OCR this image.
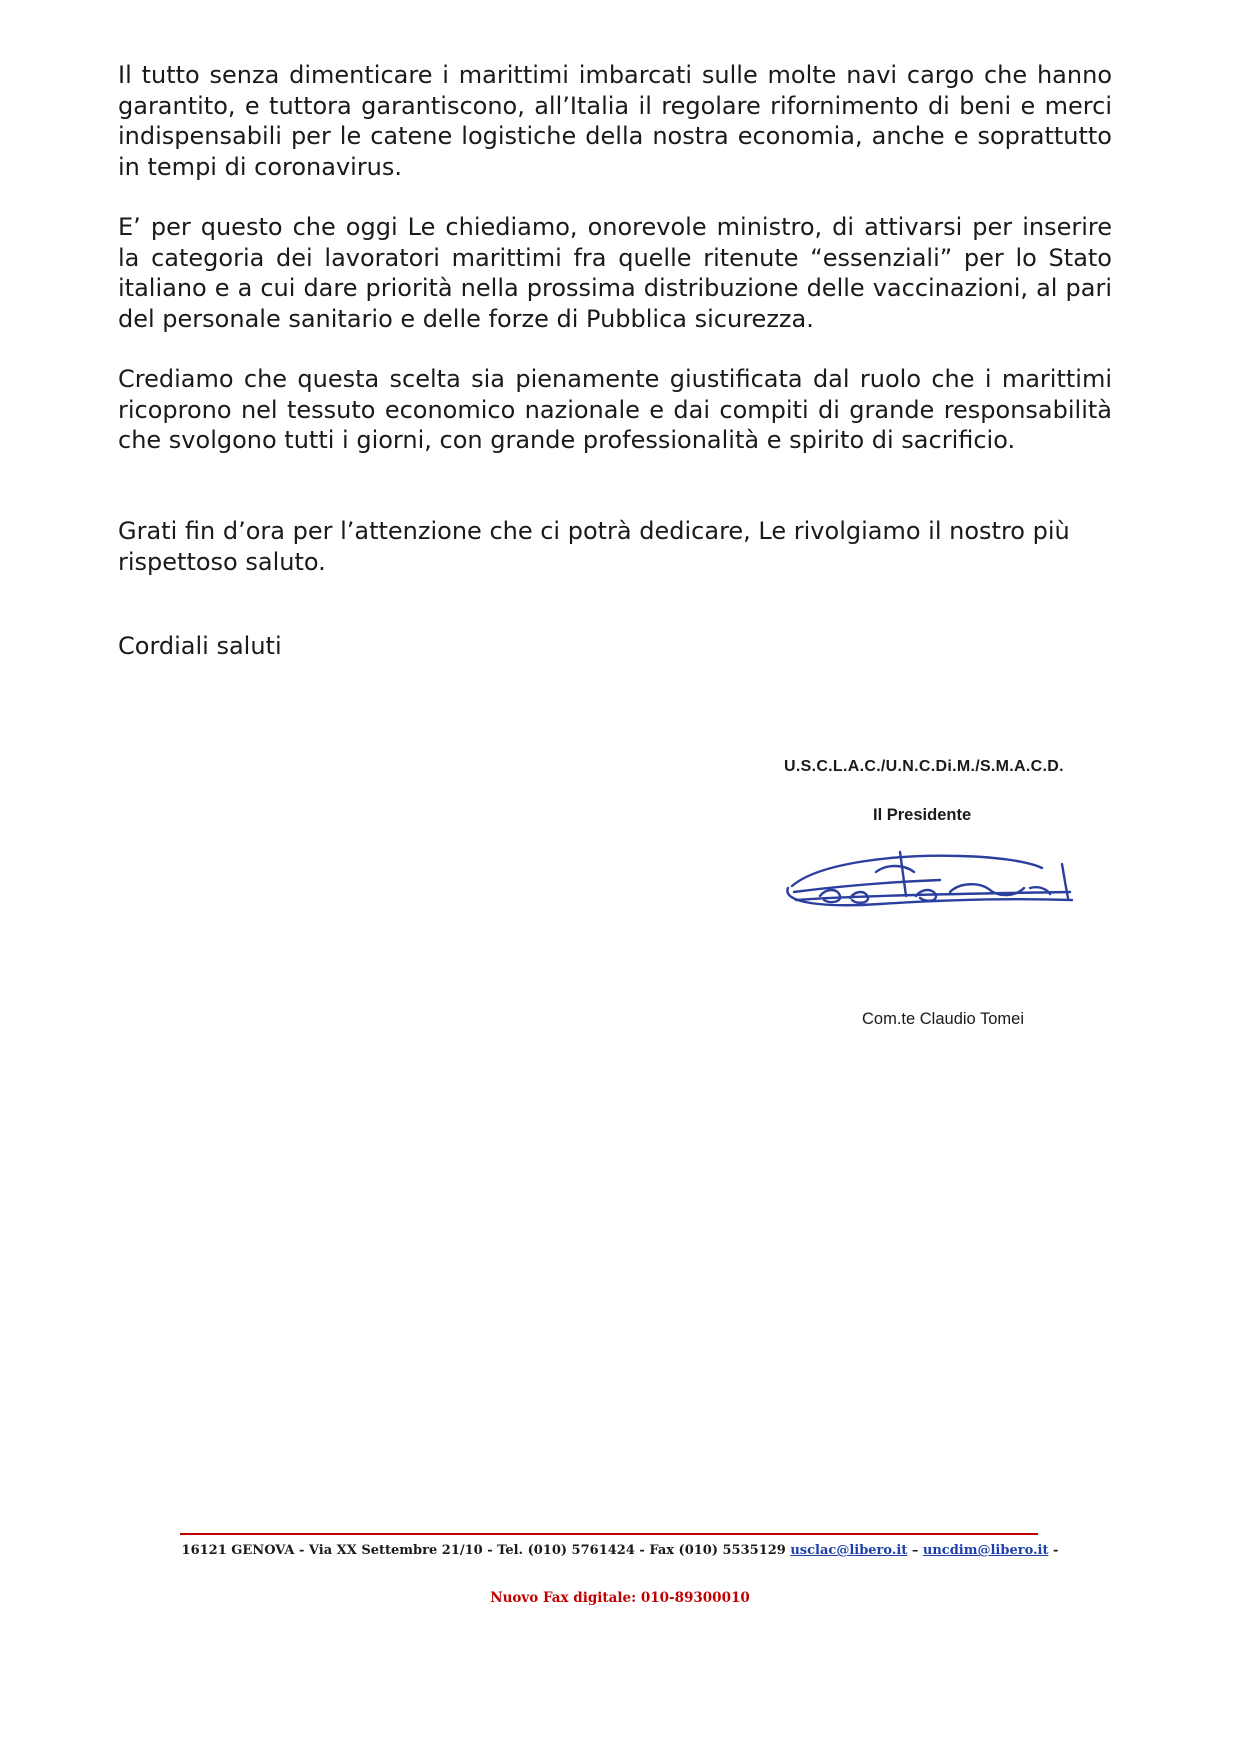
Il tutto senza dimenticare i marittimi imbarcati sulle molte navi cargo che hanno garantito, e tuttora garantiscono, all’Italia il regolare rifornimento di beni e merci indispensabili per le catene logistiche della nostra economia, anche e soprattutto in tempi di coronavirus.

E’ per questo che oggi Le chiediamo, onorevole ministro, di attivarsi per inserire la categoria dei lavoratori marittimi fra quelle ritenute “essenziali” per lo Stato italiano e a cui dare priorità nella prossima distribuzione delle vaccinazioni, al pari del personale sanitario e delle forze di Pubblica sicurezza.

Crediamo che questa scelta sia pienamente giustificata dal ruolo che i marittimi ricoprono nel tessuto economico nazionale e dai compiti di grande responsabilità che svolgono tutti i giorni, con grande professionalità e spirito di sacrificio.

Grati fin d’ora per l’attenzione che ci potrà dedicare, Le rivolgiamo il nostro più rispettoso saluto.

Cordiali saluti

U.S.C.L.A.C./U.N.C.Di.M./S.M.A.C.D.
Il Presidente
Com.te Claudio Tomei
16121 GENOVA - Via XX Settembre 21/10 - Tel. (010) 5761424 - Fax (010) 5535129 usclac@libero.it – uncdim@libero.it -
Nuovo Fax digitale: 010-89300010
